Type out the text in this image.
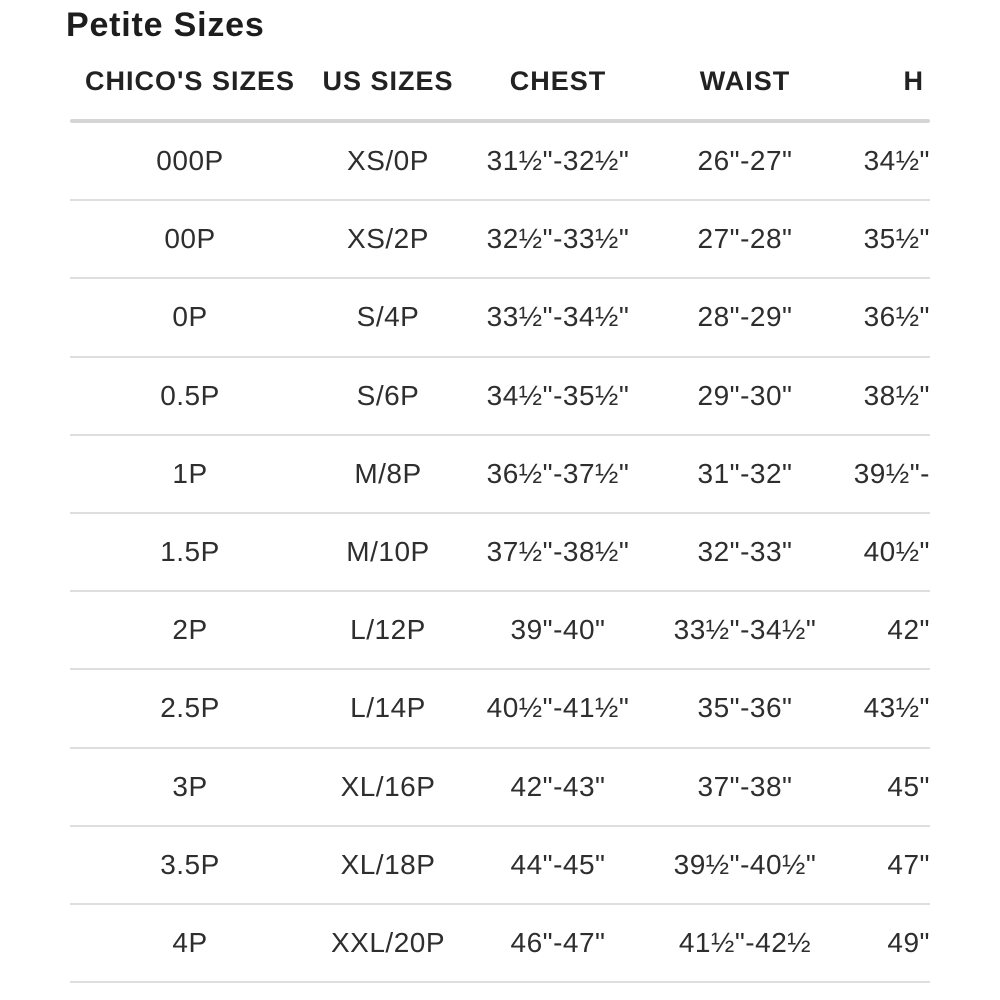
Petite Sizes
CHICO'S SIZES	US SIZES	CHEST	WAIST	H
000P	XS/0P	31½"-32½"	26"-27"	34½"
00P	XS/2P	32½"-33½"	27"-28"	35½"
0P	S/4P	33½"-34½"	28"-29"	36½"
0.5P	S/6P	34½"-35½"	29"-30"	38½"
1P	M/8P	36½"-37½"	31"-32"	39½"-
1.5P	M/10P	37½"-38½"	32"-33"	40½"
2P	L/12P	39"-40"	33½"-34½"	42"
2.5P	L/14P	40½"-41½"	35"-36"	43½"
3P	XL/16P	42"-43"	37"-38"	45"
3.5P	XL/18P	44"-45"	39½"-40½"	47"
4P	XXL/20P	46"-47"	41½"-42½	49"
